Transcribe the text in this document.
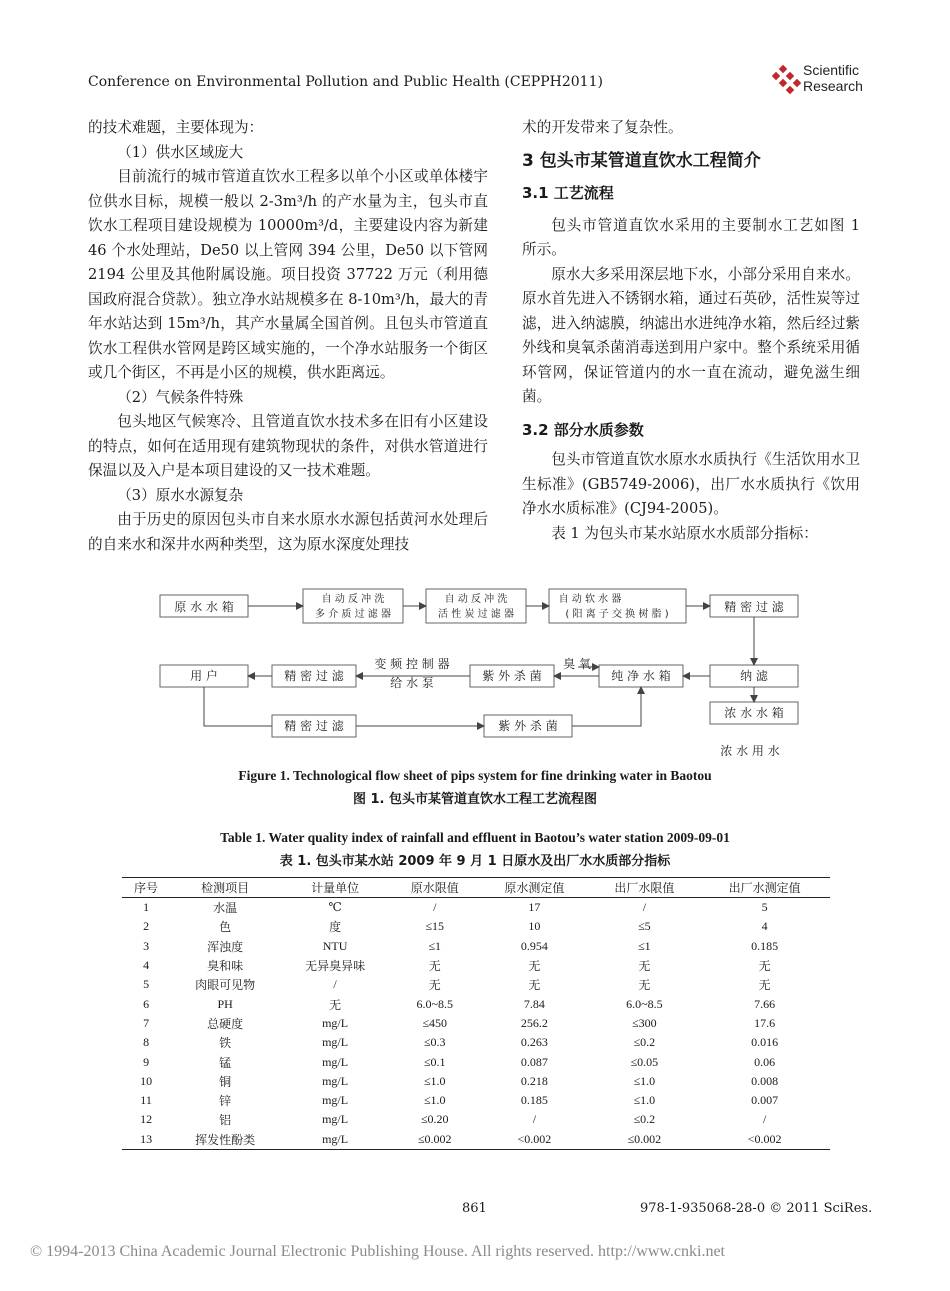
Conference on Environmental Pollution and Public Health (CEPPH2011)
Scientific
Research

的技术难题，主要体现为：

（1）供水区域庞大

目前流行的城市管道直饮水工程多以单个小区或单体楼宇位供水目标，规模一般以 2-3m³/h 的产水量为主，包头市直饮水工程项目建设规模为 10000m³/d，主要建设内容为新建 46 个水处理站，De50 以上管网 394 公里，De50 以下管网 2194 公里及其他附属设施。项目投资 37722 万元（利用德国政府混合贷款）。独立净水站规模多在 8-10m³/h，最大的青年水站达到 15m³/h，其产水量属全国首例。且包头市管道直饮水工程供水管网是跨区域实施的，一个净水站服务一个街区或几个街区，不再是小区的规模，供水距离远。

（2）气候条件特殊

包头地区气候寒冷、且管道直饮水技术多在旧有小区建设的特点，如何在适用现有建筑物现状的条件，对供水管道进行保温以及入户是本项目建设的又一技术难题。

（3）原水水源复杂

由于历史的原因包头市自来水原水水源包括黄河水处理后的自来水和深井水两种类型，这为原水深度处理技

术的开发带来了复杂性。

3 包头市某管道直饮水工程简介

3.1 工艺流程

包头市管道直饮水采用的主要制水工艺如图 1 所示。

原水大多采用深层地下水，小部分采用自来水。原水首先进入不锈钢水箱，通过石英砂，活性炭等过滤，进入纳滤膜，纳滤出水进纯净水箱，然后经过紫外线和臭氧杀菌消毒送到用户家中。整个系统采用循环管网，保证管道内的水一直在流动，避免滋生细菌。

3.2 部分水质参数

包头市管道直饮水原水水质执行《生活饮用水卫生标准》(GB5749-2006)，出厂水水质执行《饮用净水水质标准》(CJ94-2005)。

表 1 为包头市某水站原水水质部分指标：

原 水 水 箱
自 动 反 冲 洗
多 介 质 过 滤 器
自 动 反 冲 洗
活 性 炭 过 滤 器
自 动 软 水 器
( 阳 离 子 交 换 树 脂 )
精 密 过 滤
用 户	精 密 过 滤
变 频 控 制 器
给 水 泵	紫 外 杀 菌
臭 氧
纯 净 水 箱	纳 滤
浓 水 水 箱
精 密 过 滤	紫 外 杀 菌
浓 水 用 水
Figure 1. Technological flow sheet of pips system for fine drinking water in Baotou
图 1. 包头市某管道直饮水工程工艺流程图
Table 1. Water quality index of rainfall and effluent in Baotou’s water station 2009-09-01
表 1. 包头市某水站 2009 年 9 月 1 日原水及出厂水水质部分指标
序号	检测项目	计量单位	原水限值	原水测定值	出厂水限值	出厂水测定值
1	水温	℃	/	17	/	5
2	色	度	≤15	10	≤5	4
3	浑浊度	NTU	≤1	0.954	≤1	0.185
4	臭和味	无异臭异味	无	无	无	无
5	肉眼可见物	/	无	无	无	无
6	PH	无	6.0~8.5	7.84	6.0~8.5	7.66
7	总硬度	mg/L	≤450	256.2	≤300	17.6
8	铁	mg/L	≤0.3	0.263	≤0.2	0.016
9	锰	mg/L	≤0.1	0.087	≤0.05	0.06
10	铜	mg/L	≤1.0	0.218	≤1.0	0.008
11	锌	mg/L	≤1.0	0.185	≤1.0	0.007
12	铝	mg/L	≤0.20	/	≤0.2	/
13	挥发性酚类	mg/L	≤0.002	<0.002	≤0.002	<0.002
861	978-1-935068-28-0 © 2011 SciRes.
© 1994-2013 China Academic Journal Electronic Publishing House. All rights reserved. http://www.cnki.net
